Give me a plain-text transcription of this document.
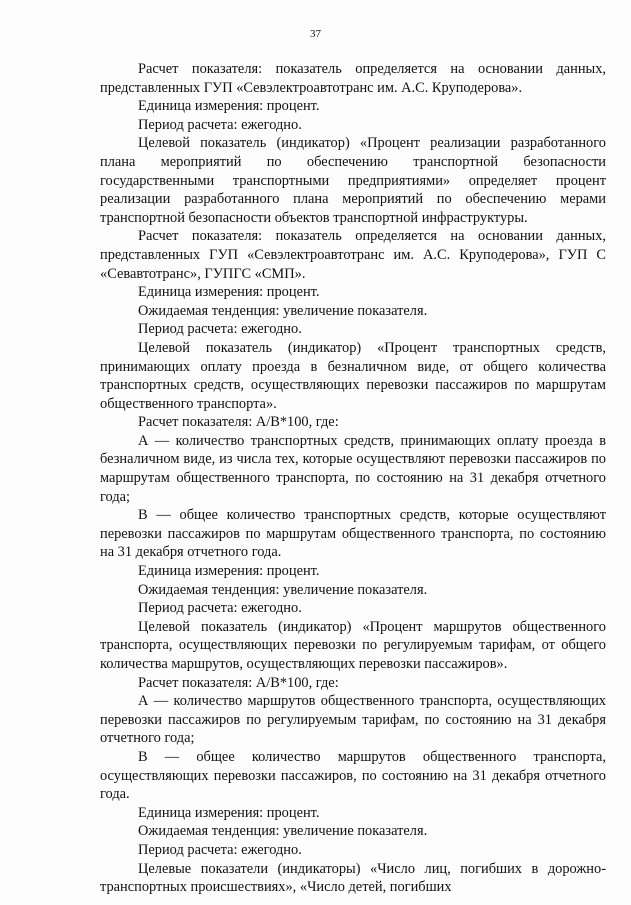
37

Расчет показателя: показатель определяется на основании данных, представленных ГУП «Севэлектроавтотранс им. А.С. Круподерова».

Единица измерения: процент.

Период расчета: ежегодно.

Целевой показатель (индикатор) «Процент реализации разработанного плана мероприятий по обеспечению транспортной безопасности государственными транспортными предприятиями» определяет процент реализации разработанного плана мероприятий по обеспечению мерами транспортной безопасности объектов транспортной инфраструктуры.

Расчет показателя: показатель определяется на основании данных, представленных ГУП «Севэлектроавтотранс им. А.С. Круподерова», ГУП С «Севавтотранс», ГУПГС «СМП».

Единица измерения: процент.

Ожидаемая тенденция: увеличение показателя.

Период расчета: ежегодно.

Целевой показатель (индикатор) «Процент транспортных средств, принимающих оплату проезда в безналичном виде, от общего количества транспортных средств, осуществляющих перевозки пассажиров по маршрутам общественного транспорта».

Расчет показателя: А/В*100, где:

А — количество транспортных средств, принимающих оплату проезда в безналичном виде, из числа тех, которые осуществляют перевозки пассажиров по маршрутам общественного транспорта, по состоянию на 31 декабря отчетного года;

В — общее количество транспортных средств, которые осуществляют перевозки пассажиров по маршрутам общественного транспорта, по состоянию на 31 декабря отчетного года.

Единица измерения: процент.

Ожидаемая тенденция: увеличение показателя.

Период расчета: ежегодно.

Целевой показатель (индикатор) «Процент маршрутов общественного транспорта, осуществляющих перевозки по регулируемым тарифам, от общего количества маршрутов, осуществляющих перевозки пассажиров».

Расчет показателя: А/В*100, где:

А — количество маршрутов общественного транспорта, осуществляющих перевозки пассажиров по регулируемым тарифам, по состоянию на 31 декабря отчетного года;

В — общее количество маршрутов общественного транспорта, осуществляющих перевозки пассажиров, по состоянию на 31 декабря отчетного года.

Единица измерения: процент.

Ожидаемая тенденция: увеличение показателя.

Период расчета: ежегодно.

Целевые показатели (индикаторы) «Число лиц, погибших в дорожно-транспортных происшествиях», «Число детей, погибших
